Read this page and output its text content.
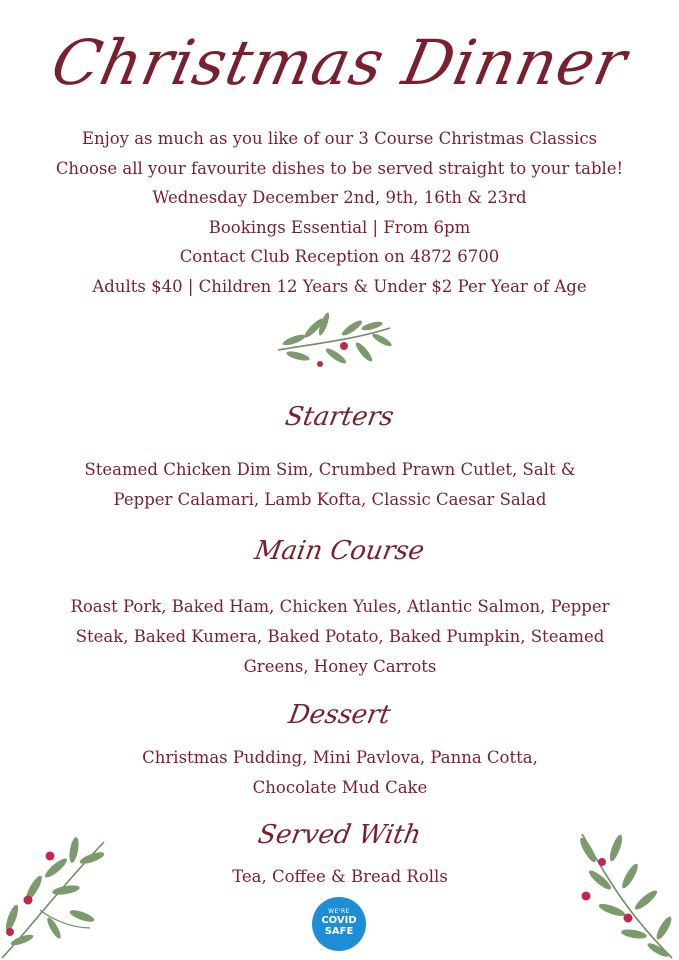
Christmas Dinner
Enjoy as much as you like of our 3 Course Christmas Classics
Choose all your favourite dishes to be served straight to your table!
Wednesday December 2nd, 9th, 16th & 23rd
Bookings Essential | From 6pm
Contact Club Reception on 4872 6700
Adults $40 | Children 12 Years & Under $2 Per Year of Age
Starters
Steamed Chicken Dim Sim, Crumbed Prawn Cutlet, Salt &
Pepper Calamari, Lamb Kofta, Classic Caesar Salad
Main Course
Roast Pork, Baked Ham, Chicken Yules, Atlantic Salmon, Pepper
Steak, Baked Kumera, Baked Potato, Baked Pumpkin, Steamed
Greens, Honey Carrots
Dessert
Christmas Pudding, Mini Pavlova, Panna Cotta,
Chocolate Mud Cake
Served With
Tea, Coffee & Bread Rolls
WE'RE
COVID
SAFE
